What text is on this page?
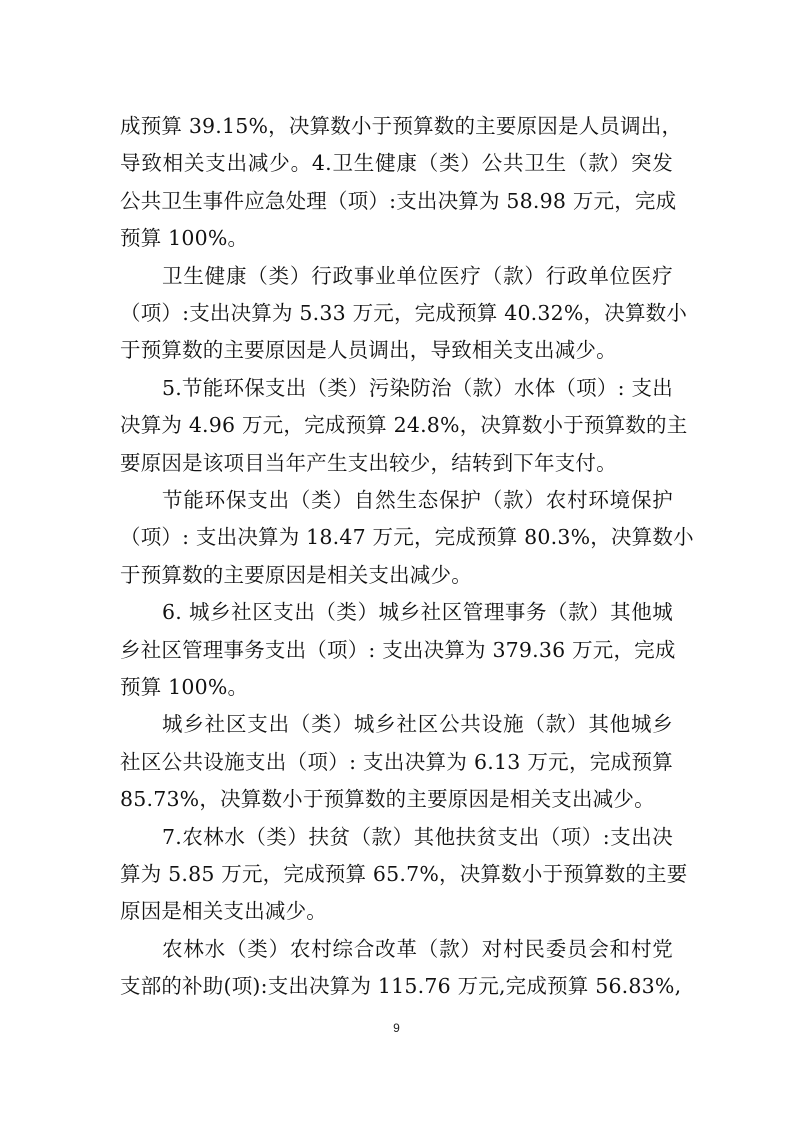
成预算 39.15%，决算数小于预算数的主要原因是人员调出，
导致相关支出减少。4.卫生健康（类）公共卫生（款）突发
公共卫生事件应急处理（项）:支出决算为 58.98 万元，完成
预算 100%。
卫生健康（类）行政事业单位医疗（款）行政单位医疗
（项）:支出决算为 5.33 万元，完成预算 40.32%，决算数小
于预算数的主要原因是人员调出，导致相关支出减少。
5.节能环保支出（类）污染防治（款）水体（项）: 支出
决算为 4.96 万元，完成预算 24.8%，决算数小于预算数的主
要原因是该项目当年产生支出较少，结转到下年支付。
节能环保支出（类）自然生态保护（款）农村环境保护
（项）: 支出决算为 18.47 万元，完成预算 80.3%，决算数小
于预算数的主要原因是相关支出减少。
6. 城乡社区支出（类）城乡社区管理事务（款）其他城
乡社区管理事务支出（项）: 支出决算为 379.36 万元，完成
预算 100%。
城乡社区支出（类）城乡社区公共设施（款）其他城乡
社区公共设施支出（项）: 支出决算为 6.13 万元，完成预算
85.73%，决算数小于预算数的主要原因是相关支出减少。
7.农林水（类）扶贫（款）其他扶贫支出（项）:支出决
算为 5.85 万元，完成预算 65.7%，决算数小于预算数的主要
原因是相关支出减少。
农林水（类）农村综合改革（款）对村民委员会和村党
支部的补助(项):支出决算为 115.76 万元,完成预算 56.83%,
9
